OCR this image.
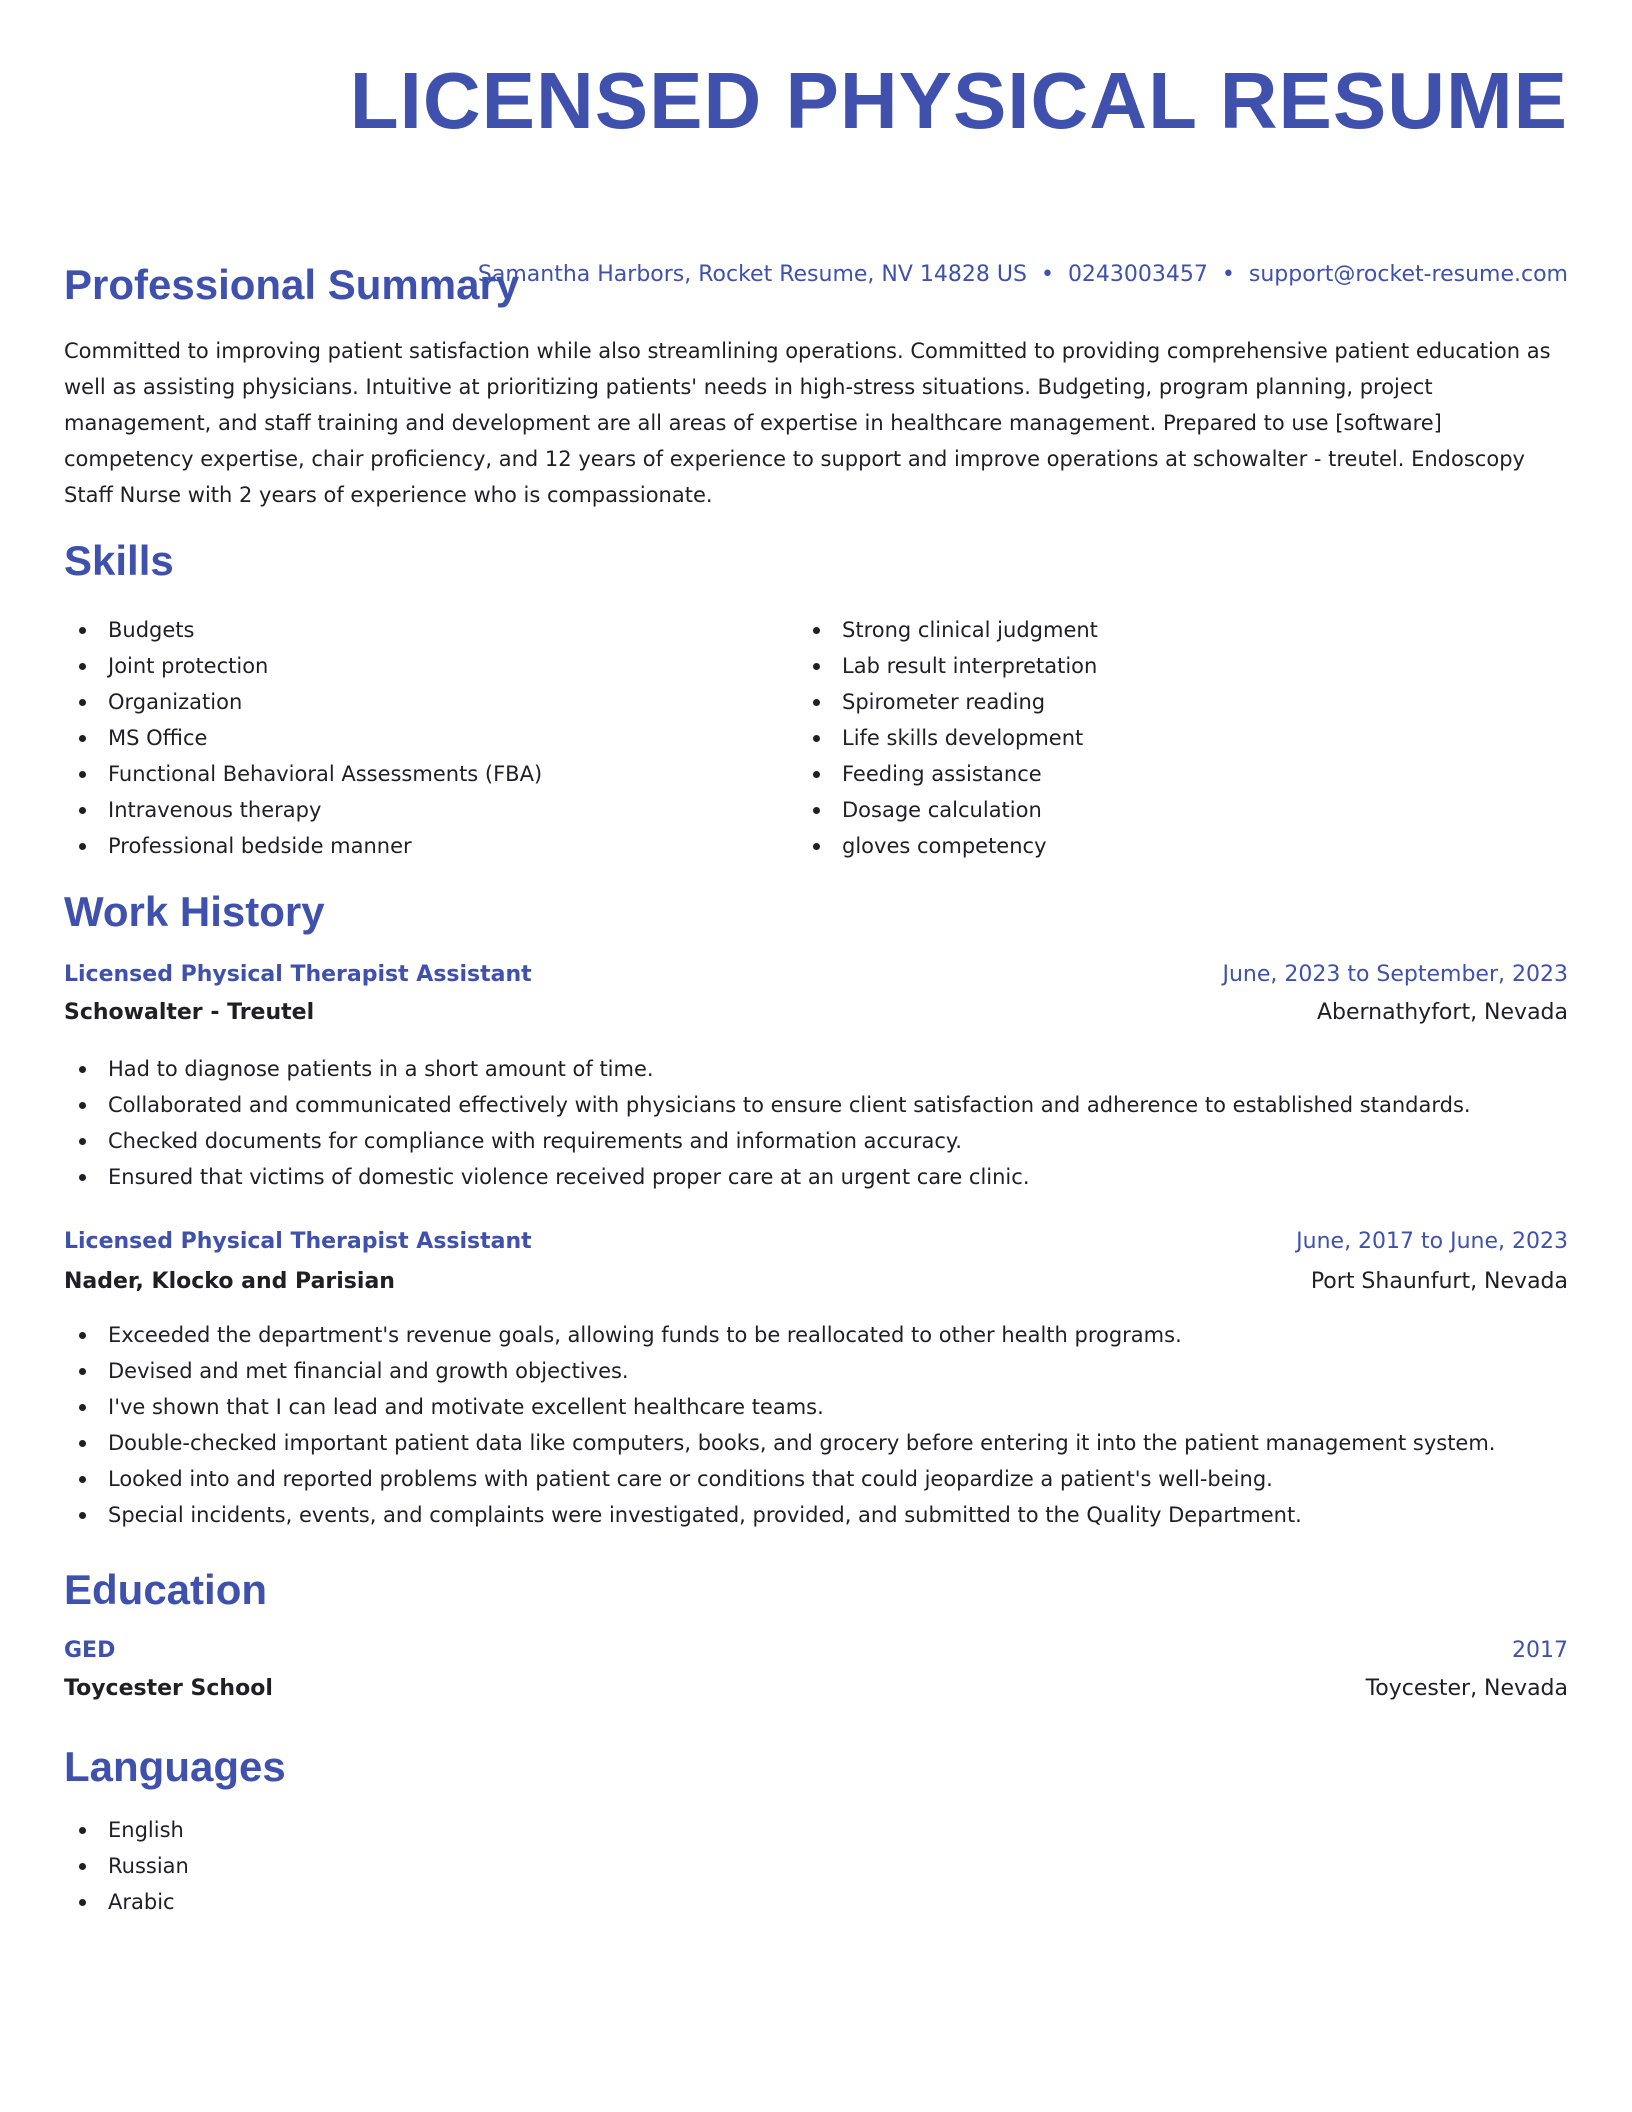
LICENSED PHYSICAL RESUME
Samantha Harbors, Rocket Resume, NV 14828 US • 0243003457 • support@rocket-resume.com
Professional Summary

Committed to improving patient satisfaction while also streamlining operations. Committed to providing comprehensive patient education as well as assisting physicians. Intuitive at prioritizing patients' needs in high-stress situations. Budgeting, program planning, project management, and staff training and development are all areas of expertise in healthcare management. Prepared to use [software] competency expertise, chair proficiency, and 12 years of experience to support and improve operations at schowalter - treutel. Endoscopy Staff Nurse with 2 years of experience who is compassionate.

Skills
Budgets
Joint protection
Organization
MS Office
Functional Behavioral Assessments (FBA)
Intravenous therapy
Professional bedside manner
Strong clinical judgment
Lab result interpretation
Spirometer reading
Life skills development
Feeding assistance
Dosage calculation
gloves competency
Work History
Licensed Physical Therapist Assistant	June, 2023 to September, 2023
Schowalter - Treutel	Abernathyfort, Nevada
Had to diagnose patients in a short amount of time.
Collaborated and communicated effectively with physicians to ensure client satisfaction and adherence to established standards.
Checked documents for compliance with requirements and information accuracy.
Ensured that victims of domestic violence received proper care at an urgent care clinic.
Licensed Physical Therapist Assistant	June, 2017 to June, 2023
Nader, Klocko and Parisian	Port Shaunfurt, Nevada
Exceeded the department's revenue goals, allowing funds to be reallocated to other health programs.
Devised and met financial and growth objectives.
I've shown that I can lead and motivate excellent healthcare teams.
Double-checked important patient data like computers, books, and grocery before entering it into the patient management system.
Looked into and reported problems with patient care or conditions that could jeopardize a patient's well-being.
Special incidents, events, and complaints were investigated, provided, and submitted to the Quality Department.
Education
GED	2017
Toycester School	Toycester, Nevada
Languages
English
Russian
Arabic
